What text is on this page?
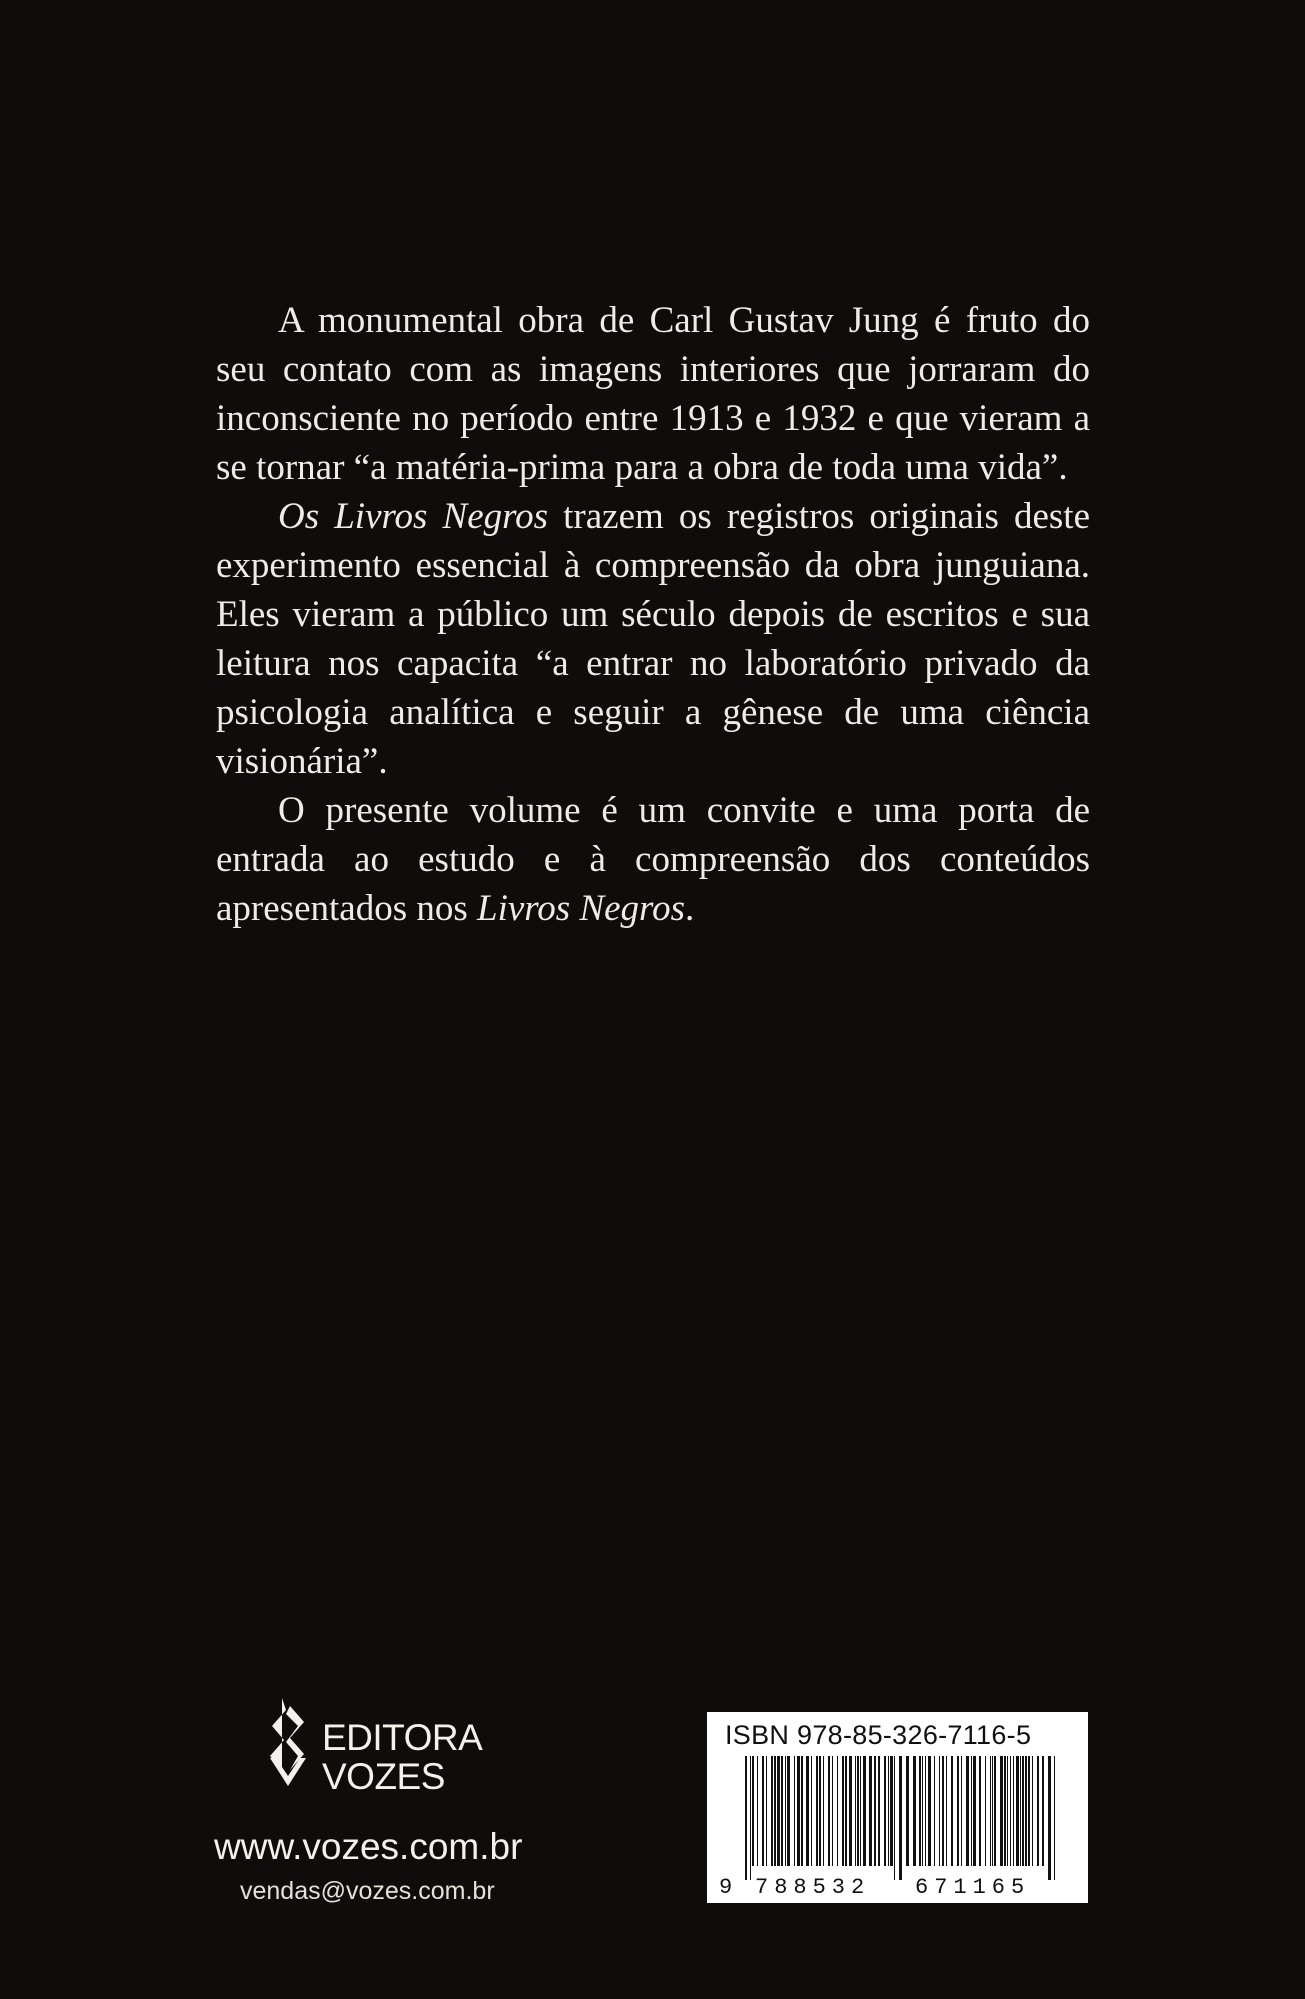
A monumental obra de Carl Gustav Jung é fruto do seu contato com as imagens interiores que jorraram do inconsciente no período entre 1913 e 1932 e que vieram a se tornar “a matéria-prima para a obra de toda uma vida”.

Os Livros Negros trazem os registros originais deste experimento essencial à compreensão da obra junguiana. Eles vieram a público um século depois de escritos e sua leitura nos capacita “a entrar no laboratório privado da psicologia analítica e seguir a gênese de uma ciência visionária”.

O presente volume é um convite e uma porta de entrada ao estudo e à compreensão dos conteúdos apresentados nos Livros Negros.

EDITORA
VOZES
www.vozes.com.br
vendas@vozes.com.br
ISBN 978-85-326-7116-5
9 788532 671165
